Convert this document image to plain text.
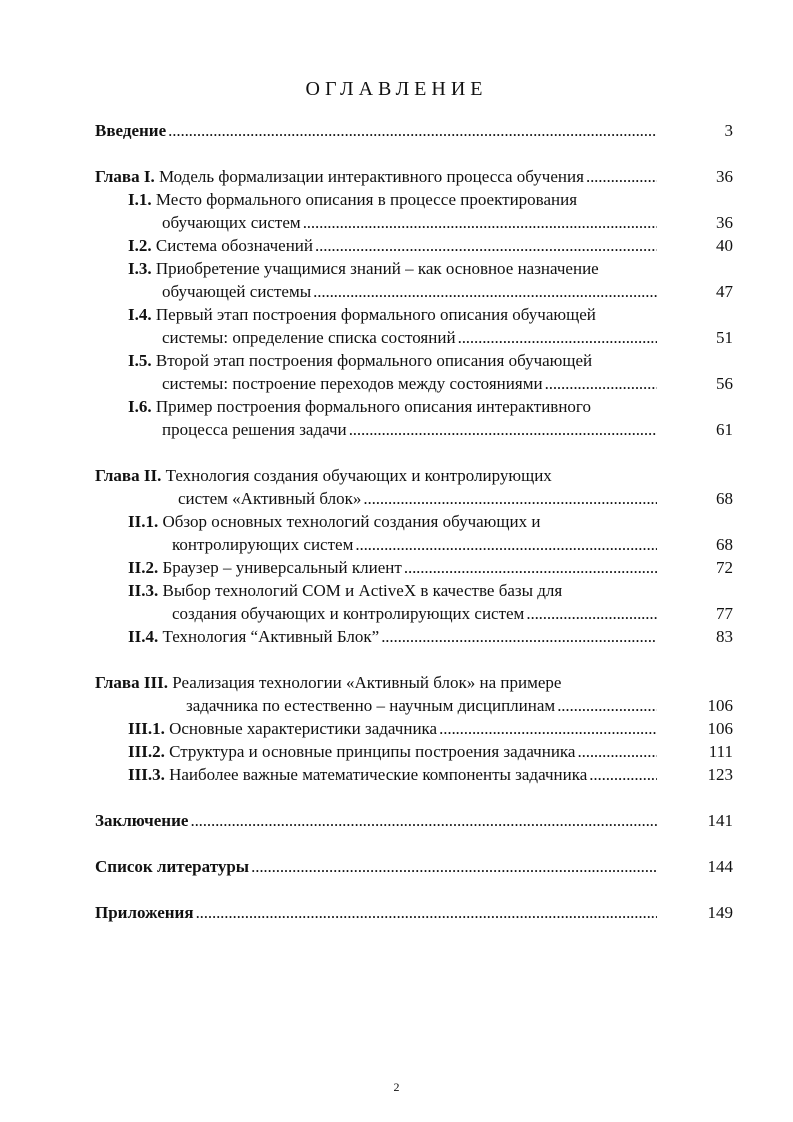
ОГЛАВЛЕНИЕ
Введение . . .	3
Глава I. Модель формализации интерактивного процесса обучения . . .	36
I.1. Место формального описания в процессе проектирования
обучающих систем . . .	36
I.2. Система обозначений . . .	40
I.3. Приобретение учащимися знаний – как основное назначение
обучающей системы . . .	47
I.4. Первый этап построения формального описания обучающей
системы: определение списка состояний . . .	51
I.5. Второй этап построения формального описания обучающей
системы: построение переходов между состояниями . . .	56
I.6. Пример построения формального описания интерактивного
процесса решения задачи . . .	61
Глава II. Технология создания обучающих и контролирующих
систем «Активный блок» . . .	68
II.1. Обзор основных технологий создания обучающих и
контролирующих систем . . .	68
II.2. Браузер – универсальный клиент . . .	72
II.3. Выбор технологий COM и ActiveX в качестве базы для
создания обучающих и контролирующих систем . . .	77
II.4. Технология “Активный Блок” . . .	83
Глава III. Реализация технологии «Активный блок» на примере
задачника по естественно – научным дисциплинам . . .	106
III.1. Основные характеристики задачника . . .	106
III.2. Структура и основные принципы построения задачника . . .	111
III.3. Наиболее важные математические компоненты задачника . . .	123
Заключение . . .	141
Список литературы . . .	144
Приложения . . .	149
2
